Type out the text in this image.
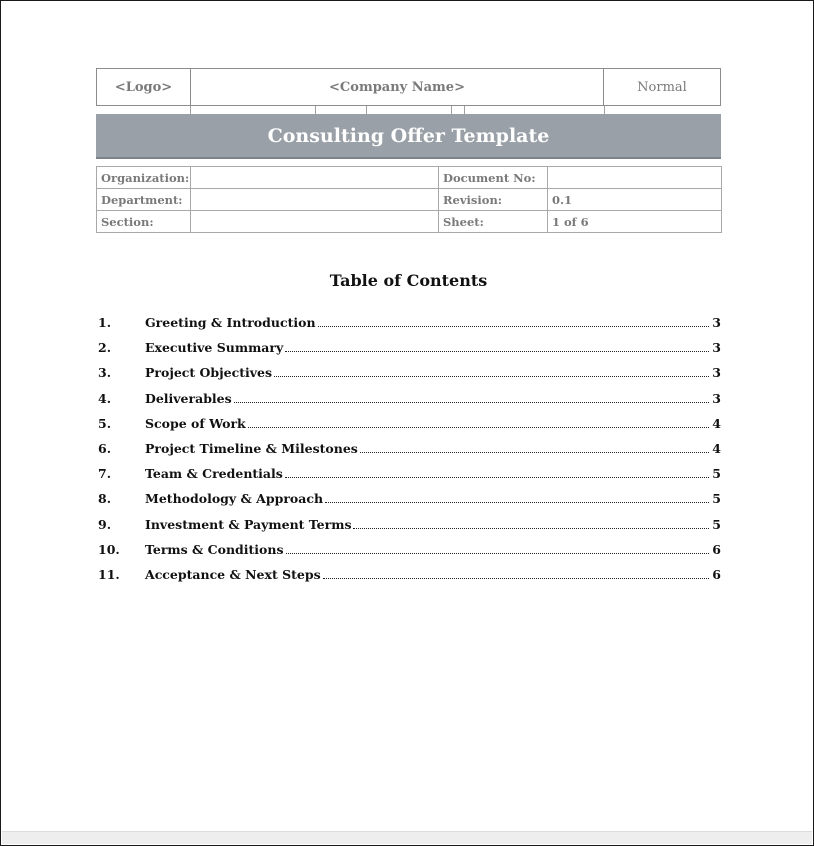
<Logo>	<Company Name>	Normal
Consulting Offer Template
Organization:		Document No:	
Department:		Revision:	0.1
Section:		Sheet:	1 of 6
Table of Contents
1.	Greeting & Introduction	3
2.	Executive Summary	3
3.	Project Objectives	3
4.	Deliverables	3
5.	Scope of Work	4
6.	Project Timeline & Milestones	4
7.	Team & Credentials	5
8.	Methodology & Approach	5
9.	Investment & Payment Terms	5
10.	Terms & Conditions	6
11.	Acceptance & Next Steps	6
